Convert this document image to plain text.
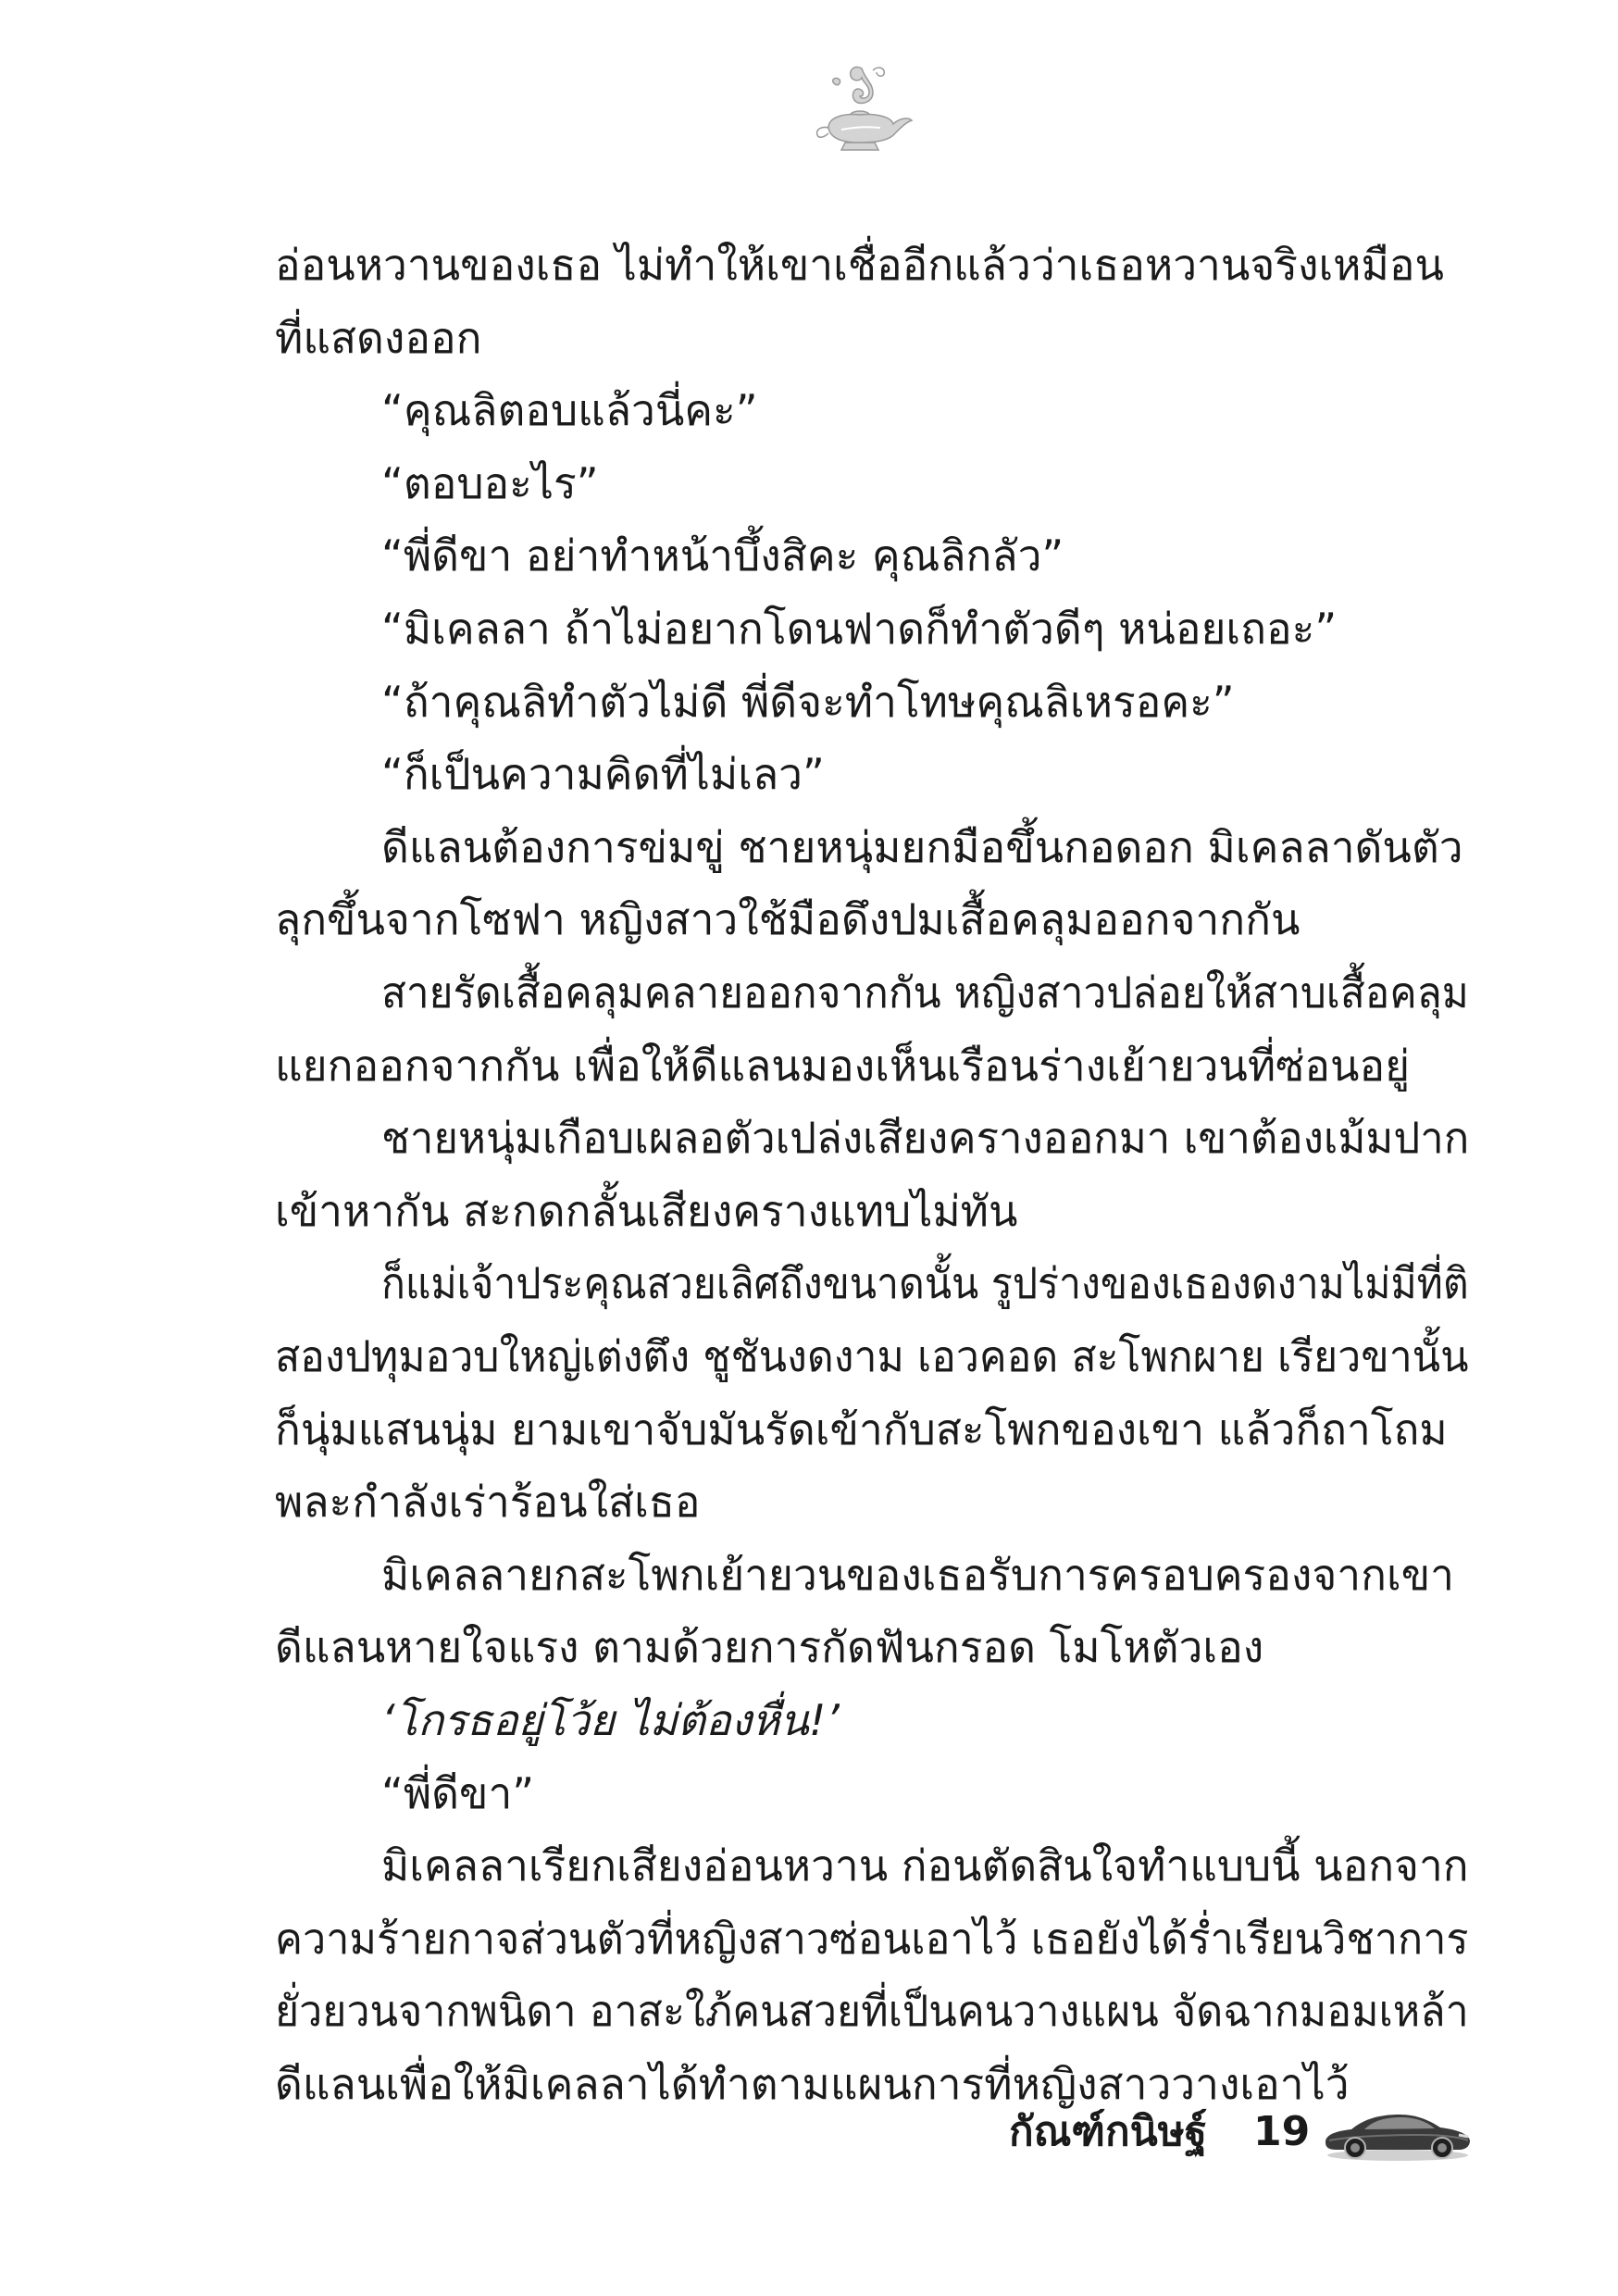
อ่อนหวานของเธอ ไม่ทำให้เขาเชื่ออีกแล้วว่าเธอหวานจริงเหมือน
ที่แสดงออก
“คุณลิตอบแล้วนี่คะ”
“ตอบอะไร”
“พี่ดีขา อย่าทำหน้าบึ้งสิคะ คุณลิกลัว”
“มิเคลลา ถ้าไม่อยากโดนฟาดก็ทำตัวดีๆ หน่อยเถอะ”
“ถ้าคุณลิทำตัวไม่ดี พี่ดีจะทำโทษคุณลิเหรอคะ”
“ก็เป็นความคิดที่ไม่เลว”
ดีแลนต้องการข่มขู่ ชายหนุ่มยกมือขึ้นกอดอก มิเคลลาดันตัว
ลุกขึ้นจากโซฟา หญิงสาวใช้มือดึงปมเสื้อคลุมออกจากกัน
สายรัดเสื้อคลุมคลายออกจากกัน หญิงสาวปล่อยให้สาบเสื้อคลุม
แยกออกจากกัน เพื่อให้ดีแลนมองเห็นเรือนร่างเย้ายวนที่ซ่อนอยู่
ชายหนุ่มเกือบเผลอตัวเปล่งเสียงครางออกมา เขาต้องเม้มปาก
เข้าหากัน สะกดกลั้นเสียงครางแทบไม่ทัน
ก็แม่เจ้าประคุณสวยเลิศถึงขนาดนั้น รูปร่างของเธองดงามไม่มีที่ติ
สองปทุมอวบใหญ่เต่งตึง ชูชันงดงาม เอวคอด สะโพกผาย เรียวขานั้น
ก็นุ่มแสนนุ่ม ยามเขาจับมันรัดเข้ากับสะโพกของเขา แล้วก็ถาโถม
พละกำลังเร่าร้อนใส่เธอ
มิเคลลายกสะโพกเย้ายวนของเธอรับการครอบครองจากเขา
ดีแลนหายใจแรง ตามด้วยการกัดฟันกรอด โมโหตัวเอง
‘โกรธอยู่โว้ย ไม่ต้องหื่น!’
“พี่ดีขา”
มิเคลลาเรียกเสียงอ่อนหวาน ก่อนตัดสินใจทำแบบนี้ นอกจาก
ความร้ายกาจส่วนตัวที่หญิงสาวซ่อนเอาไว้ เธอยังได้ร่ำเรียนวิชาการ
ยั่วยวนจากพนิดา อาสะใภ้คนสวยที่เป็นคนวางแผน จัดฉากมอมเหล้า
ดีแลนเพื่อให้มิเคลลาได้ทำตามแผนการที่หญิงสาววางเอาไว้
กัณฑ์กนิษฐ์ 19
